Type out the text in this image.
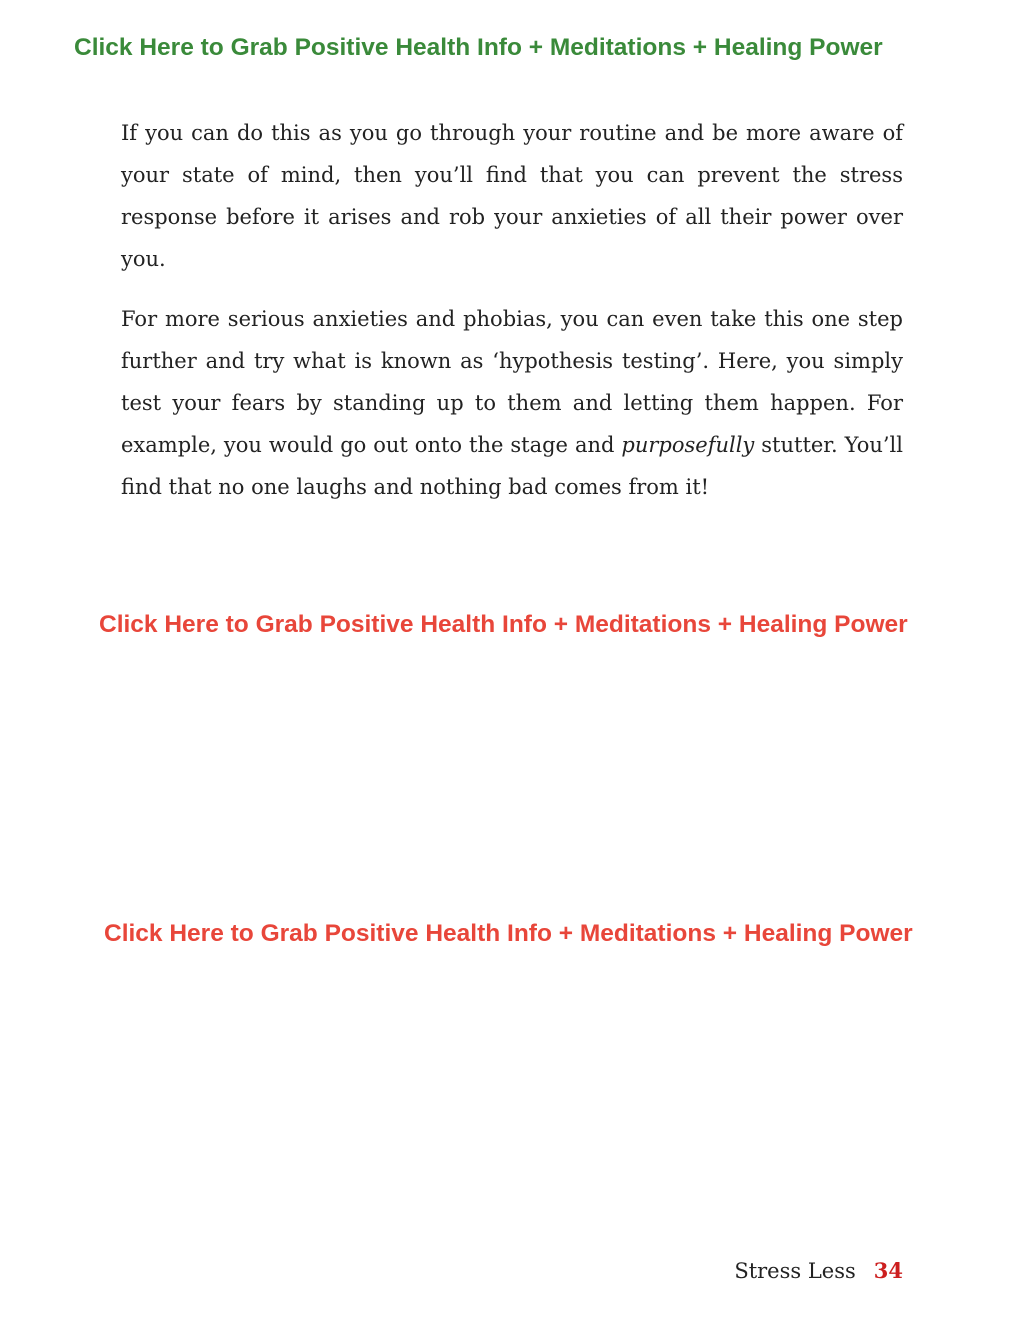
Click Here to Grab Positive Health Info + Meditations + Healing Power

If you can do this as you go through your routine and be more aware of your state of mind, then you’ll find that you can prevent the stress response before it arises and rob your anxieties of all their power over you.

For more serious anxieties and phobias, you can even take this one step further and try what is known as ‘hypothesis testing’. Here, you simply test your fears by standing up to them and letting them happen. For example, you would go out onto the stage and purposefully stutter. You’ll find that no one laughs and nothing bad comes from it!

Click Here to Grab Positive Health Info + Meditations + Healing Power
Click Here to Grab Positive Health Info + Meditations + Healing Power
Stress Less 34
